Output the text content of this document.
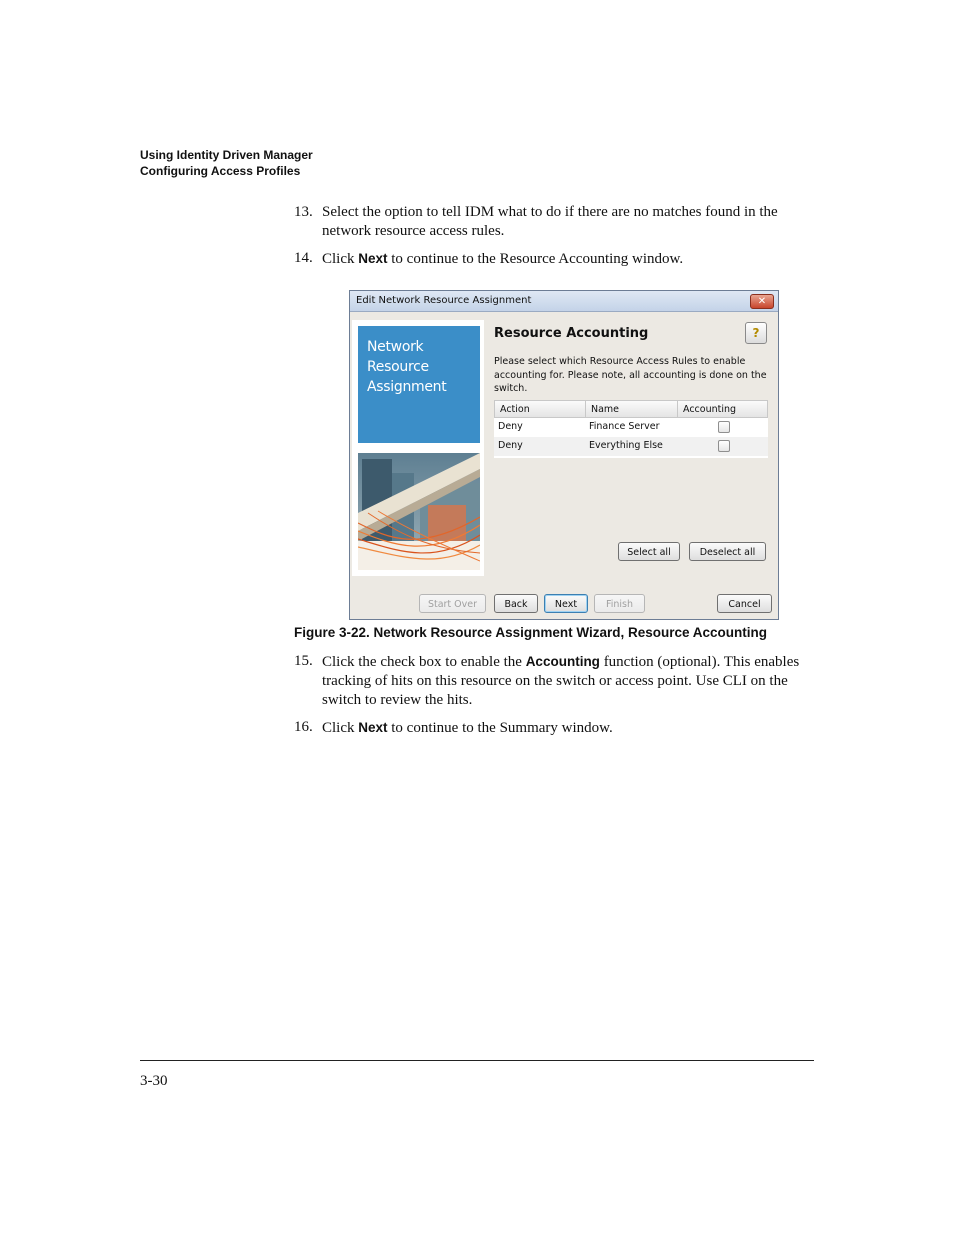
Using Identity Driven Manager
Configuring Access Profiles
13. Select the option to tell IDM what to do if there are no matches found in the network resource access rules.
14. Click Next to continue to the Resource Accounting window.
Edit Network Resource Assignment	✕
Network
Resource
Assignment
Resource Accounting	?
Please select which Resource Access Rules to enable accounting for. Please note, all accounting is done on the switch.
Action	Name	Accounting
Deny	Finance Server
Deny	Everything Else
Select all	Deselect all
Start Over	Back	Next	Finish	Cancel
Figure 3-22. Network Resource Assignment Wizard, Resource Accounting
15. Click the check box to enable the Accounting function (optional). This enables tracking of hits on this resource on the switch or access point. Use CLI on the switch to review the hits.
16. Click Next to continue to the Summary window.
3-30
